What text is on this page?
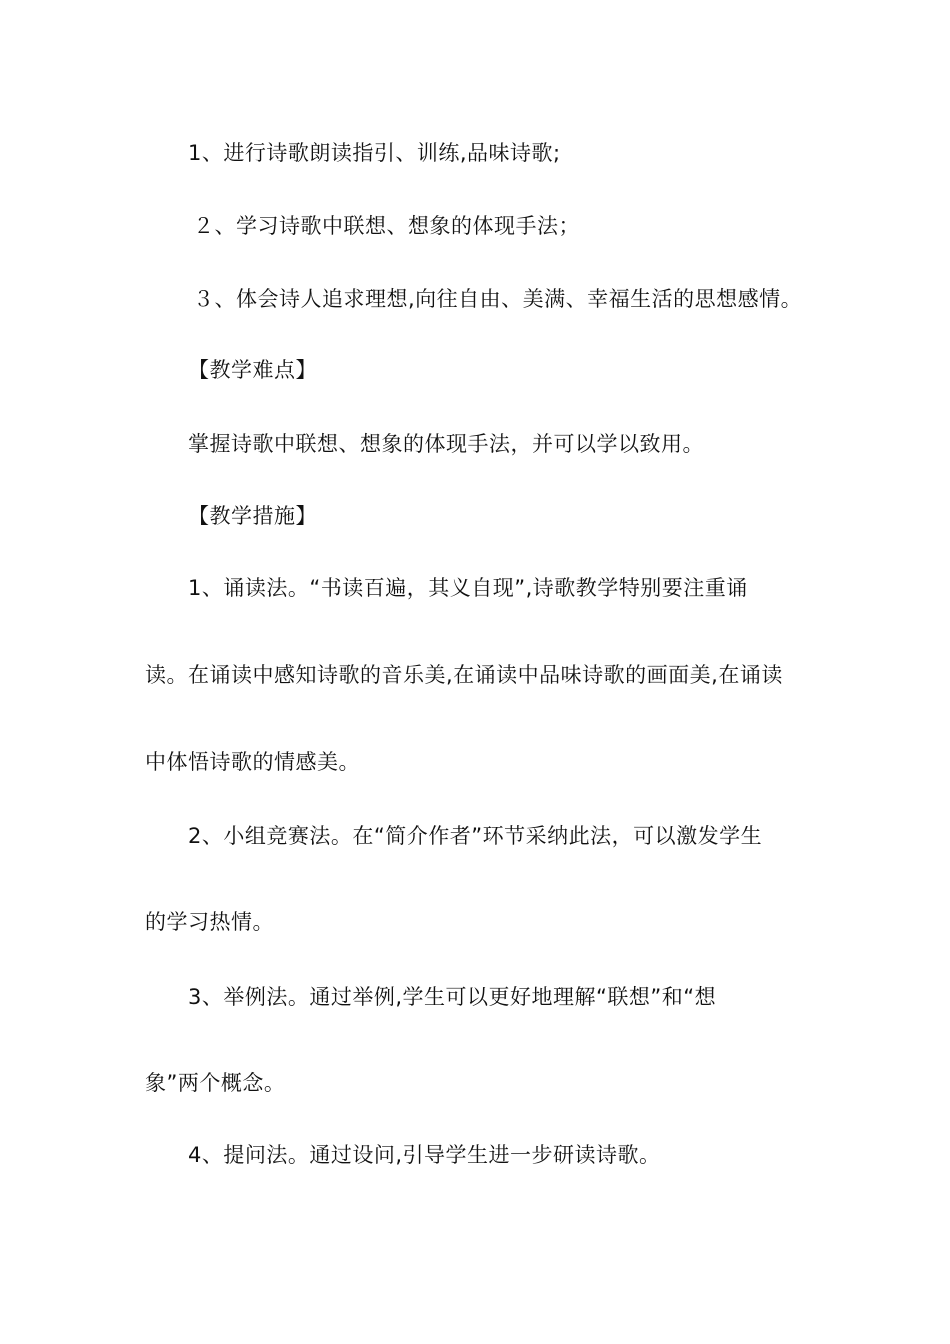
1、进行诗歌朗读指引、训练,品味诗歌;
２、学习诗歌中联想、想象的体现手法；
３、体会诗人追求理想,向往自由、美满、幸福生活的思想感情。
【教学难点】
掌握诗歌中联想、想象的体现手法，并可以学以致用。
【教学措施】
1、诵读法。“书读百遍，其义自现”,诗歌教学特别要注重诵
读。在诵读中感知诗歌的音乐美,在诵读中品味诗歌的画面美,在诵读
中体悟诗歌的情感美。
2、小组竞赛法。在“简介作者”环节采纳此法，可以激发学生
的学习热情。
3、举例法。通过举例,学生可以更好地理解“联想”和“想
象”两个概念。
4、提问法。通过设问,引导学生进一步研读诗歌。
